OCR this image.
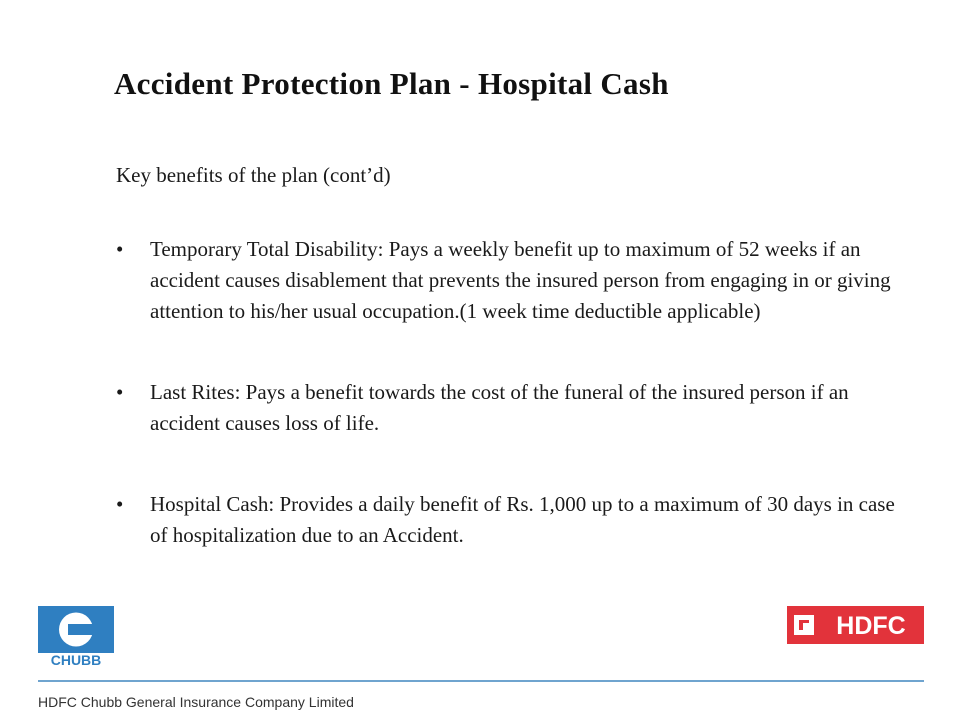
Accident Protection Plan - Hospital Cash

Key benefits of the plan (cont’d)

• Temporary Total Disability: Pays a weekly benefit up to maximum of 52 weeks if an accident causes disablement that prevents the insured person from engaging in or giving attention to his/her usual occupation.(1 week time deductible applicable)
• Last Rites: Pays a benefit towards the cost of the funeral of the insured person if an accident causes loss of life.
• Hospital Cash: Provides a daily benefit of Rs. 1,000 up to a maximum of 30 days in case of hospitalization due to an Accident.
CHUBB
HDFC

HDFC Chubb General Insurance Company Limited
